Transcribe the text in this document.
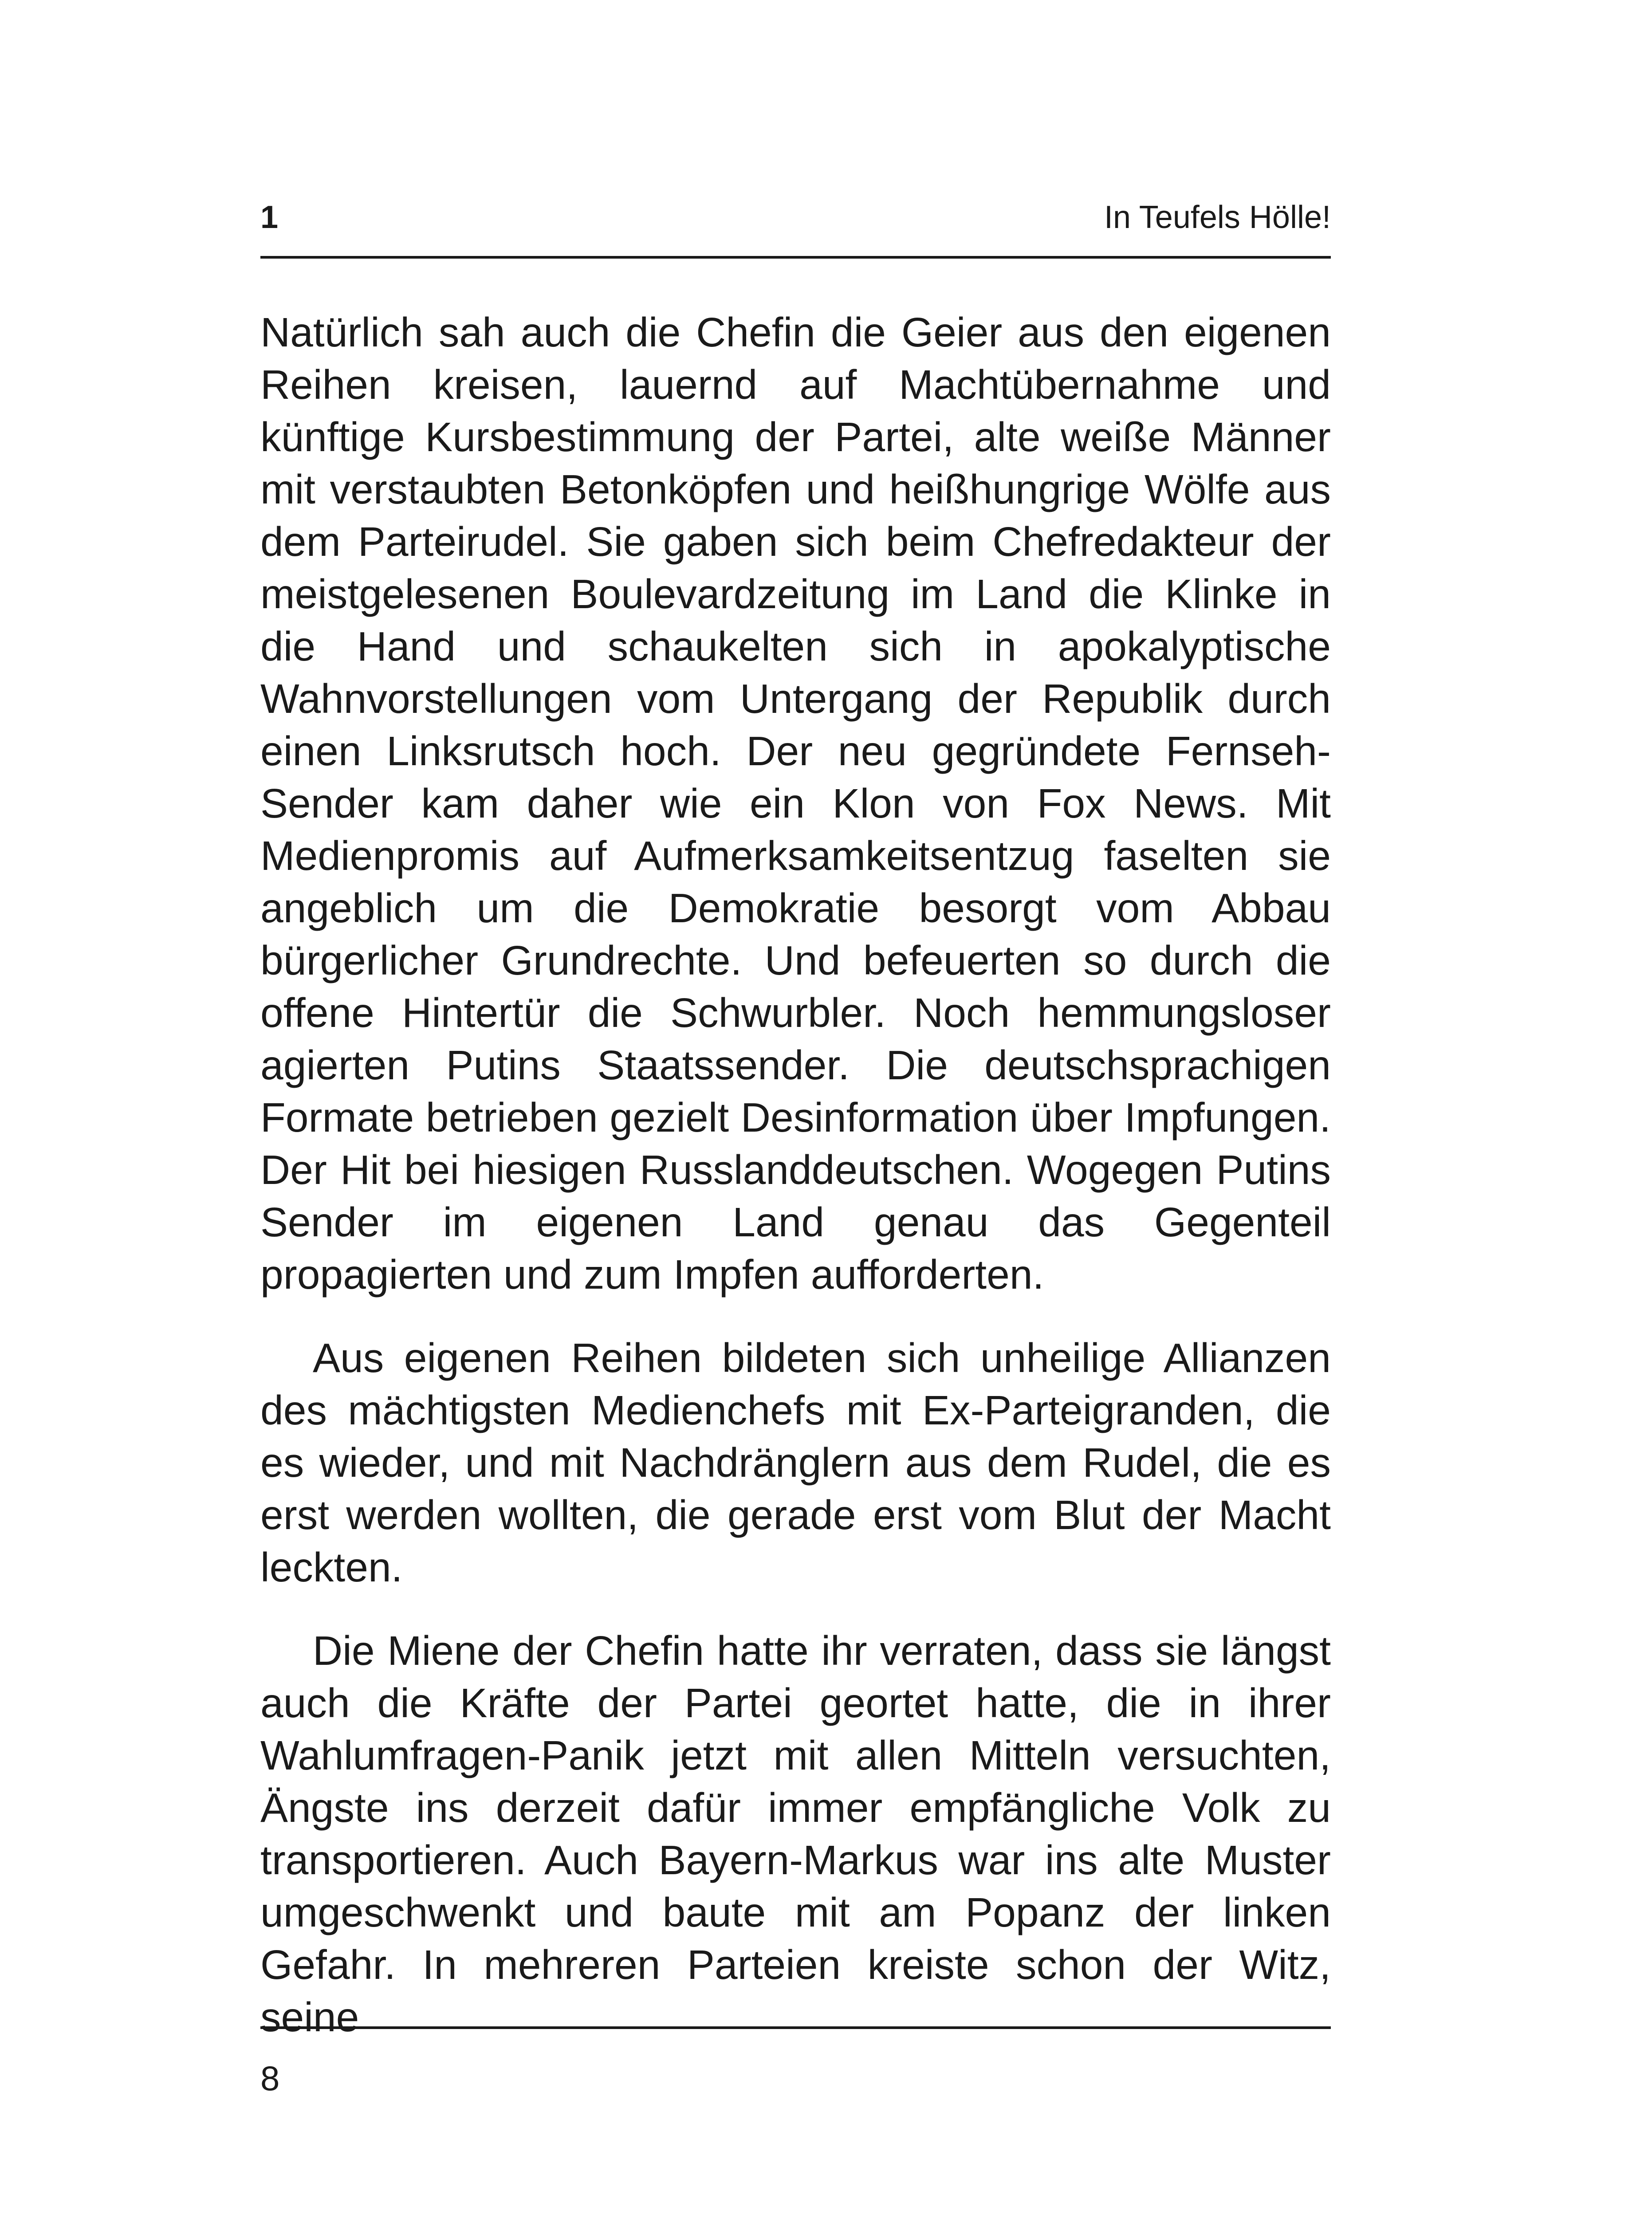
1	In Teufels Hölle!

Natürlich sah auch die Chefin die Geier aus den eigenen Reihen kreisen, lauernd auf Machtübernahme und künftige Kursbestimmung der Partei, alte weiße Männer mit verstaubten Betonköpfen und heißhungrige Wölfe aus dem Parteirudel. Sie gaben sich beim Chefredakteur der meistgelesenen Boulevardzeitung im Land die Klinke in die Hand und schaukelten sich in apokalyptische Wahnvorstellungen vom Untergang der Republik durch einen Linksrutsch hoch. Der neu gegründete Fernseh-Sender kam daher wie ein Klon von Fox News. Mit Medienpromis auf Aufmerksamkeitsentzug faselten sie angeblich um die Demokratie besorgt vom Abbau bürgerlicher Grundrechte. Und befeuerten so durch die offene Hintertür die Schwurbler. Noch hemmungsloser agierten Putins Staatssender. Die deutschsprachigen Formate betrieben gezielt Desinformation über Impfungen. Der Hit bei hiesigen Russlanddeutschen. Wogegen Putins Sender im eigenen Land genau das Gegenteil propagierten und zum Impfen aufforderten.

Aus eigenen Reihen bildeten sich unheilige Allianzen des mächtigsten Medienchefs mit Ex-Parteigranden, die es wieder, und mit Nachdränglern aus dem Rudel, die es erst werden wollten, die gerade erst vom Blut der Macht leckten.

Die Miene der Chefin hatte ihr verraten, dass sie längst auch die Kräfte der Partei geortet hatte, die in ihrer Wahlumfragen-Panik jetzt mit allen Mitteln versuchten, Ängste ins derzeit dafür immer empfängliche Volk zu transportieren. Auch Bayern-Markus war ins alte Muster umgeschwenkt und baute mit am Popanz der linken Gefahr. In mehreren Parteien kreiste schon der Witz, seine

8
